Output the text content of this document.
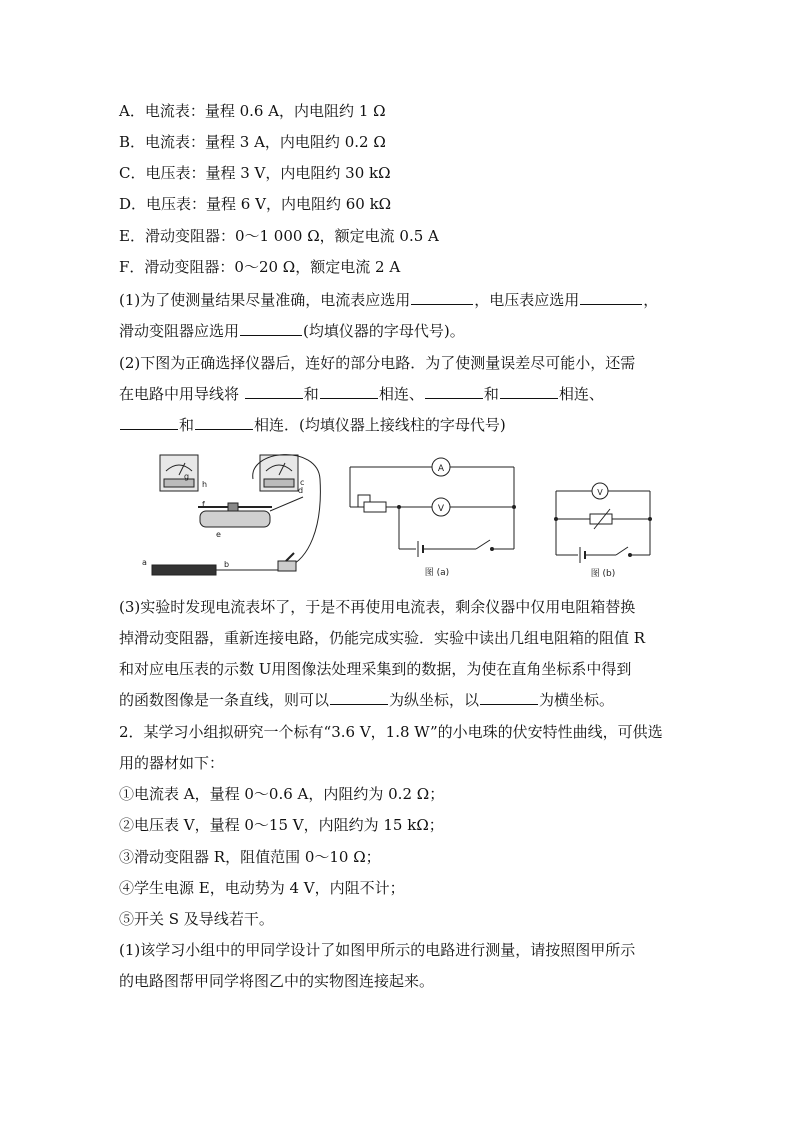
A．电流表：量程 0.6 A，内电阻约 1 Ω
B．电流表：量程 3 A，内电阻约 0.2 Ω
C．电压表：量程 3 V，内电阻约 30 kΩ
D．电压表：量程 6 V，内电阻约 60 kΩ
E．滑动变阻器：0～1 000 Ω，额定电流 0.5 A
F．滑动变阻器：0～20 Ω，额定电流 2 A
(1)为了使测量结果尽量准确，电流表应选用	，电压表应选用	，
滑动变阻器应选用	(均填仪器的字母代号)。
(2)下图为正确选择仪器后，连好的部分电路．为了使测量误差尽可能小，还需
在电路中用导线将	和	相连、	和	相连、
和	相连．(均填仪器上接线柱的字母代号)
a	b
c
d
e
f
g
h
A
V
图 (a)
V
图 (b)
(3)实验时发现电流表坏了，于是不再使用电流表，剩余仪器中仅用电阻箱替换
掉滑动变阻器，重新连接电路，仍能完成实验．实验中读出几组电阻箱的阻值 R
和对应电压表的示数 U用图像法处理采集到的数据，为使在直角坐标系中得到
的函数图像是一条直线，则可以	为纵坐标，以	为横坐标。
2．某学习小组拟研究一个标有“3.6 V，1.8 W”的小电珠的伏安特性曲线，可供选
用的器材如下：
①电流表 A，量程 0～0.6 A，内阻约为 0.2 Ω；
②电压表 V，量程 0～15 V，内阻约为 15 kΩ；
③滑动变阻器 R，阻值范围 0～10 Ω；
④学生电源 E，电动势为 4 V，内阻不计；
⑤开关 S 及导线若干。
(1)该学习小组中的甲同学设计了如图甲所示的电路进行测量，请按照图甲所示
的电路图帮甲同学将图乙中的实物图连接起来。
